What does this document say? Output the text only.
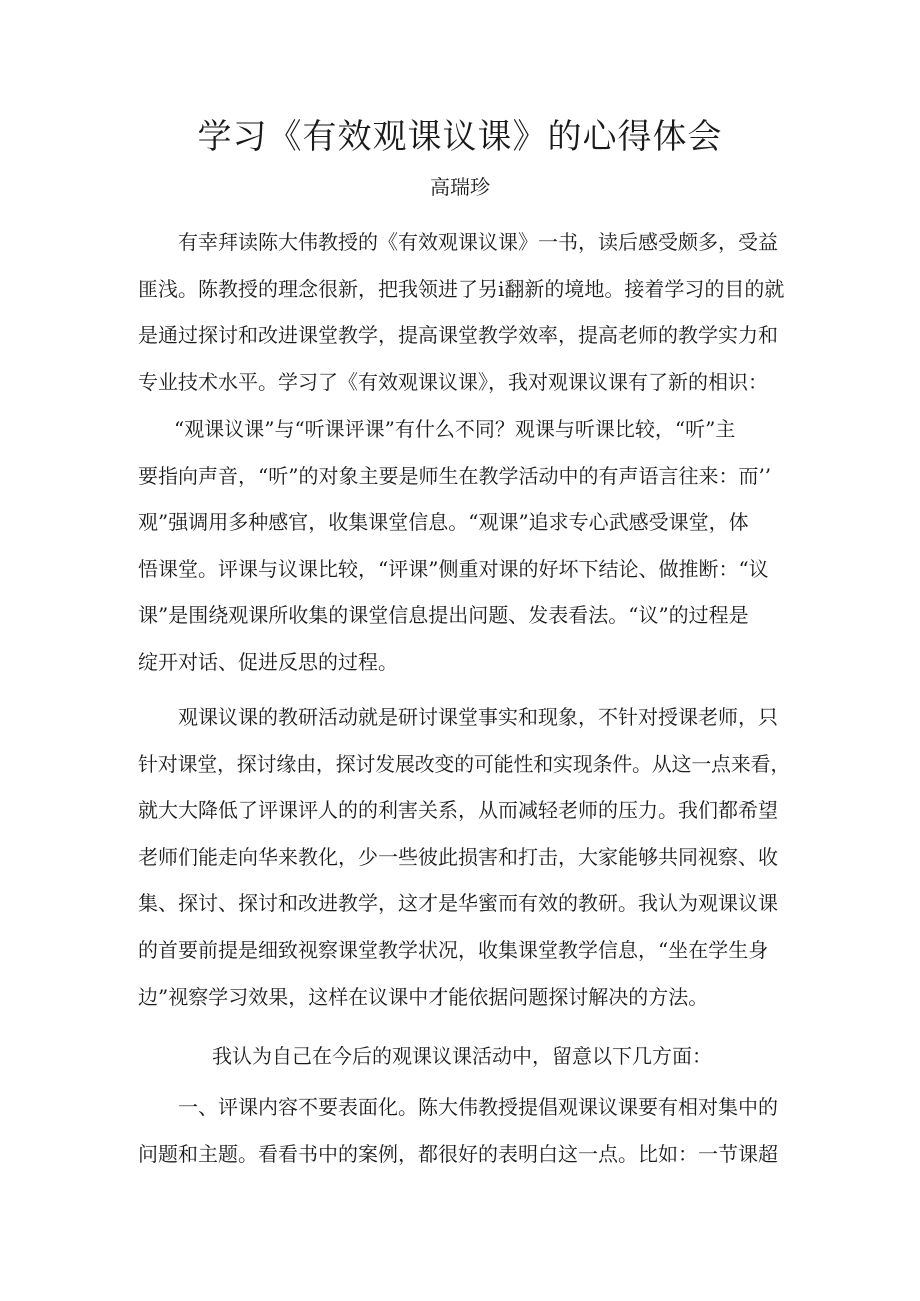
学习《有效观课议课》的心得体会
高瑞珍
有幸拜读陈大伟教授的《有效观课议课》一书，读后感受颇多，受益
匪浅。陈教授的理念很新，把我领进了另i翻新的境地。接着学习的目的就
是通过探讨和改进课堂教学，提高课堂教学效率，提高老师的教学实力和
专业技术水平。学习了《有效观课议课》，我对观课议课有了新的相识：
“观课议课”与“听课评课”有什么不同？观课与听课比较，“听”主
要指向声音，“听”的对象主要是师生在教学活动中的有声语言往来：而’’
观”强调用多种感官，收集课堂信息。“观课”追求专心武感受课堂，体
悟课堂。评课与议课比较，“评课”侧重对课的好坏下结论、做推断：“议
课”是围绕观课所收集的课堂信息提出问题、发表看法。“议”的过程是
绽开对话、促进反思的过程。
观课议课的教研活动就是研讨课堂事实和现象，不针对授课老师，只
针对课堂，探讨缘由，探讨发展改变的可能性和实现条件。从这一点来看，
就大大降低了评课评人的的利害关系，从而减轻老师的压力。我们都希望
老师们能走向华来教化，少一些彼此损害和打击，大家能够共同视察、收
集、探讨、探讨和改进教学，这才是华蜜而有效的教研。我认为观课议课
的首要前提是细致视察课堂教学状况，收集课堂教学信息，“坐在学生身
边”视察学习效果，这样在议课中才能依据问题探讨解决的方法。
我认为自己在今后的观课议课活动中，留意以下几方面：
一、评课内容不要表面化。陈大伟教授提倡观课议课要有相对集中的
问题和主题。看看书中的案例，都很好的表明白这一点。比如：一节课超
